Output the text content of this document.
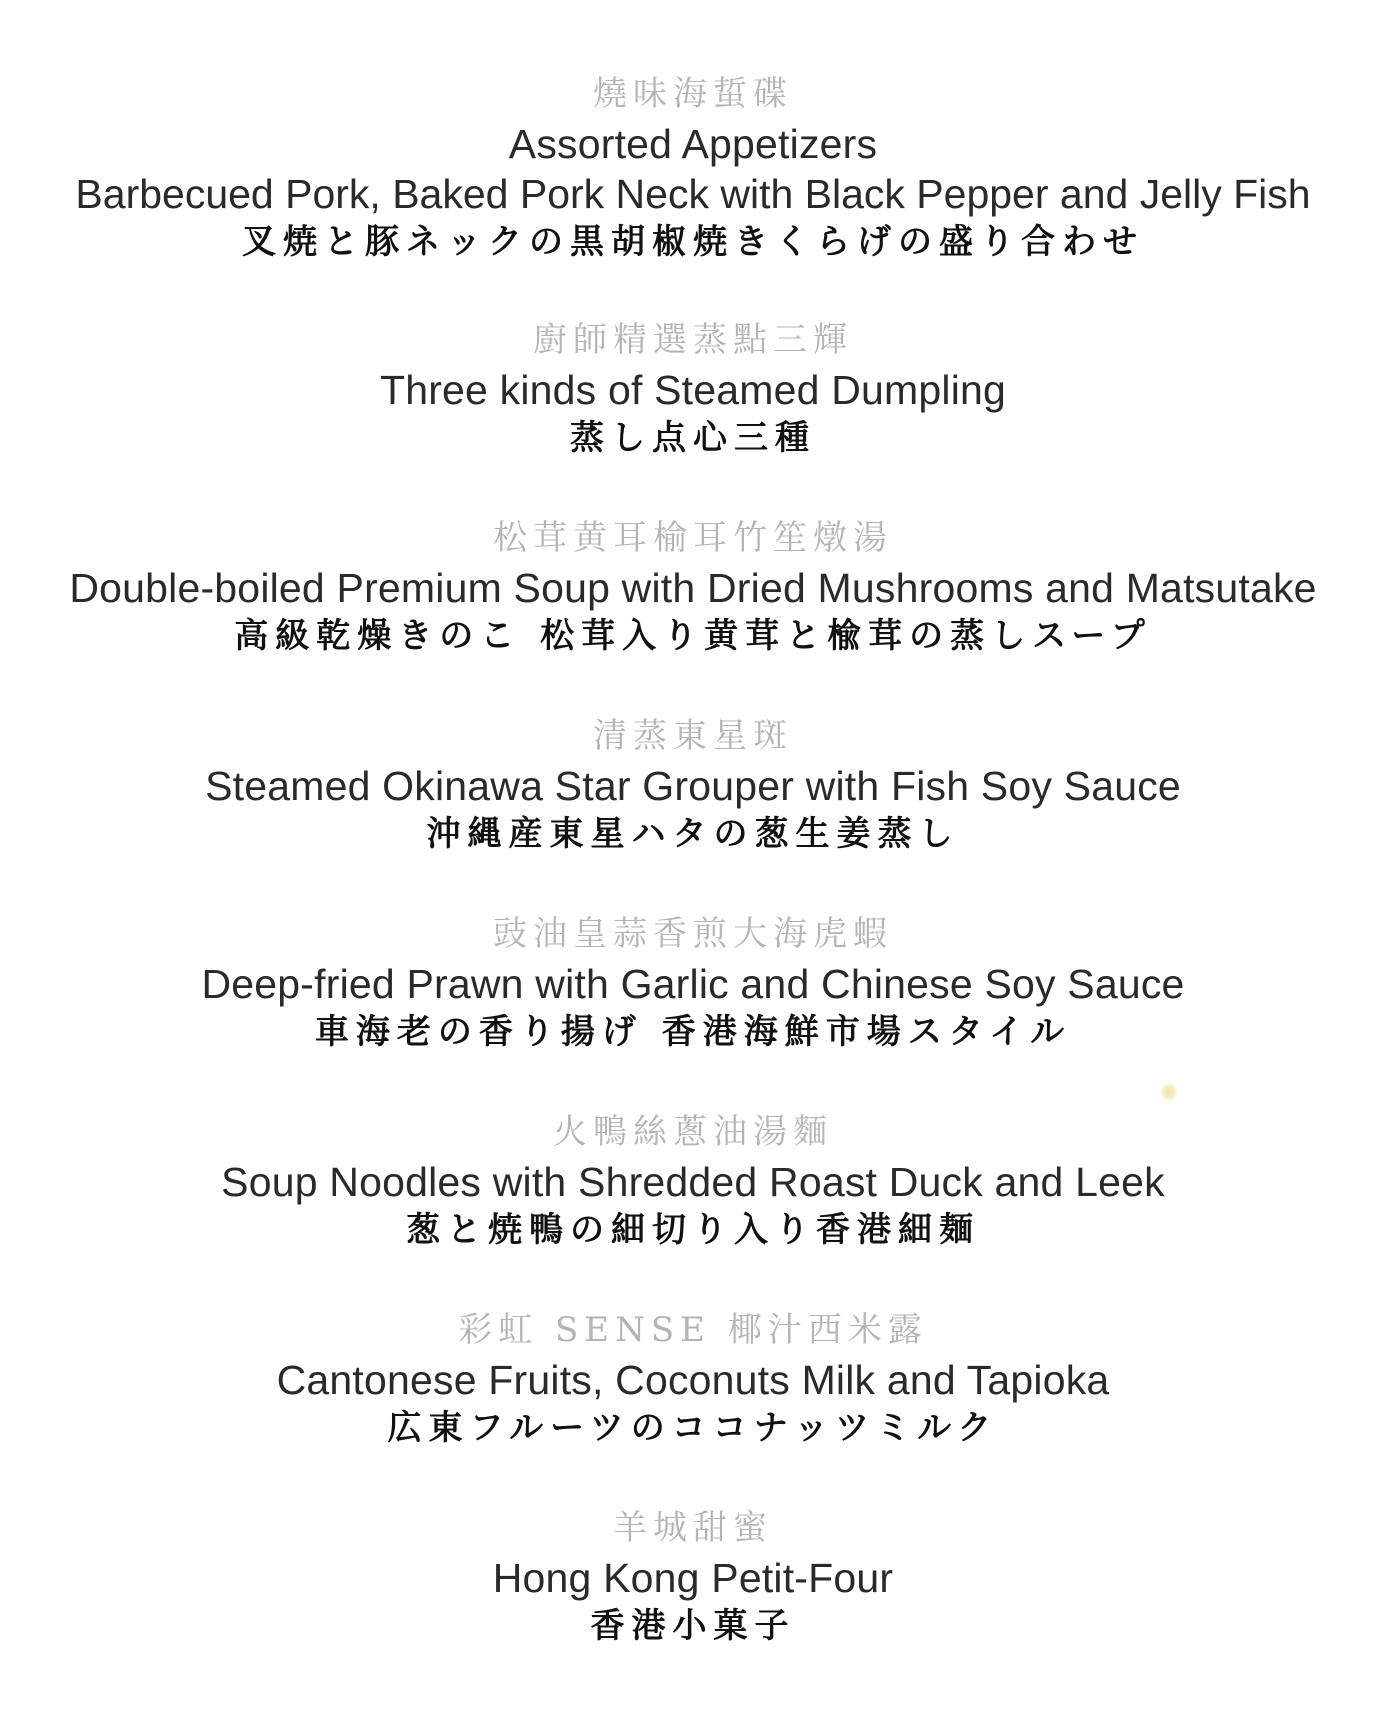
燒味海蜇碟
Assorted Appetizers
Barbecued Pork, Baked Pork Neck with Black Pepper and Jelly Fish
叉焼と豚ネックの黒胡椒焼きくらげの盛り合わせ
廚師精選蒸點三輝
Three kinds of Steamed Dumpling
蒸し点心三種
松茸黄耳榆耳竹笙燉湯
Double-boiled Premium Soup with Dried Mushrooms and Matsutake
高級乾燥きのこ 松茸入り黄茸と楡茸の蒸しスープ
清蒸東星斑
Steamed Okinawa Star Grouper with Fish Soy Sauce
沖縄産東星ハタの葱生姜蒸し
豉油皇蒜香煎大海虎蝦
Deep-fried Prawn with Garlic and Chinese Soy Sauce
車海老の香り揚げ 香港海鮮市場スタイル
火鴨絲蔥油湯麵
Soup Noodles with Shredded Roast Duck and Leek
葱と焼鴨の細切り入り香港細麺
彩虹 SENSE 椰汁西米露
Cantonese Fruits, Coconuts Milk and Tapioka
広東フルーツのココナッツミルク
羊城甜蜜
Hong Kong Petit-Four
香港小菓子
